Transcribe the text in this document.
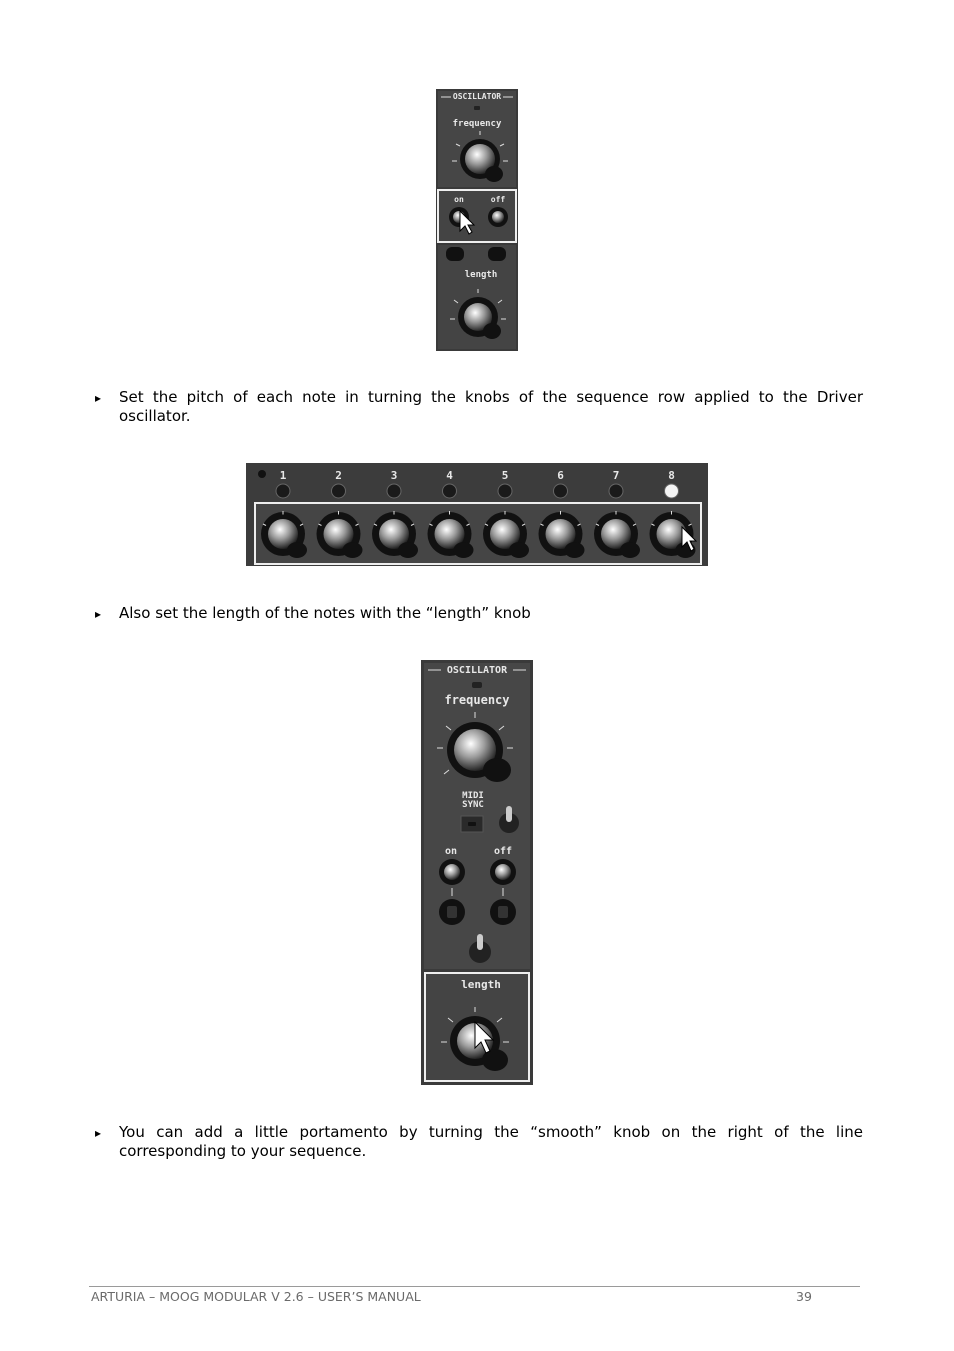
OSCILLATOR
frequency
on	off
length
▸ Set the pitch of each note in turning the knobs of the sequence row applied to the Driver oscillator.
1	2	3	4	5	6	7	8
▸ Also set the length of the notes with the “length” knob
OSCILLATOR
frequency
MIDI
SYNC
on	off
length
▸ You can add a little portamento by turning the “smooth” knob on the right of the line corresponding to your sequence.
ARTURIA – MOOG MODULAR V 2.6 – USER’S MANUAL	39
